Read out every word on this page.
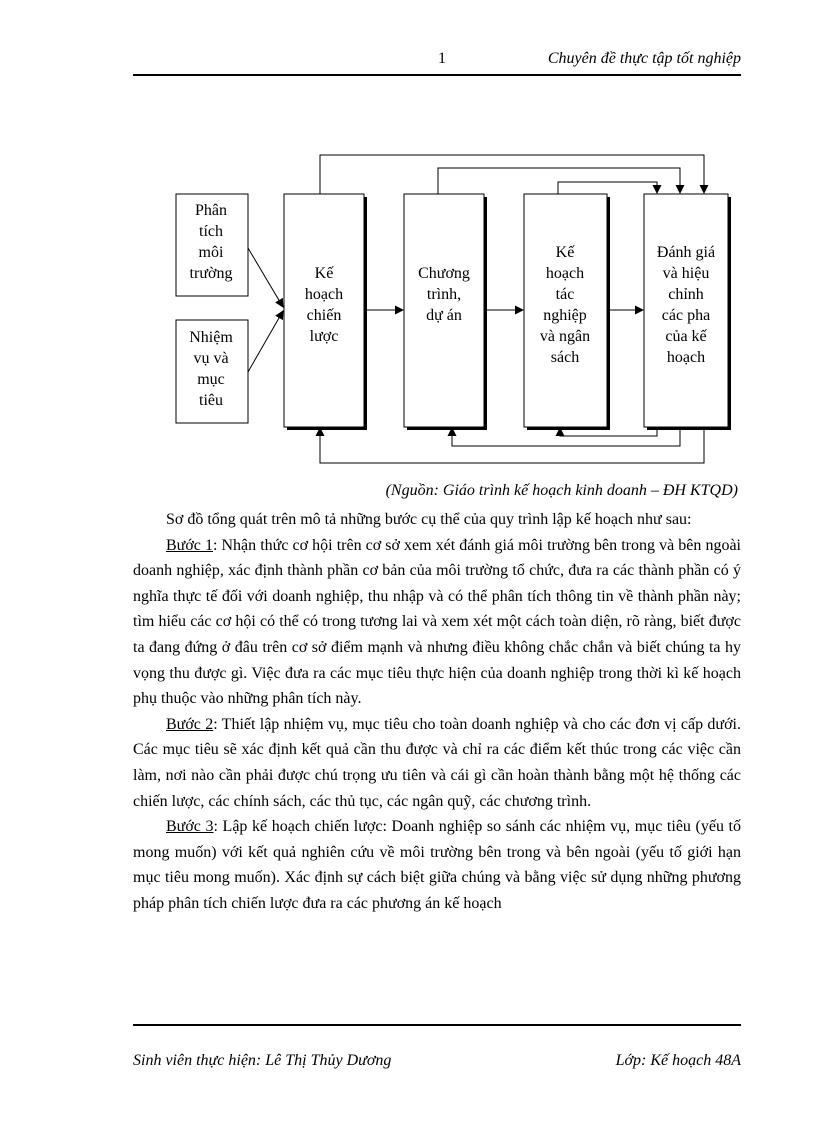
1	Chuyên đề thực tập tốt nghiệp
Phân tích môi trường
Nhiệm vụ và mục tiêu
Kế hoạch chiến lược
Chương trình, dự án
Kế hoạch tác nghiệp và ngân sách
Đánh giá và hiệu chỉnh các pha của kế hoạch
(Nguồn: Giáo trình kế hoạch kinh doanh – ĐH KTQD)

Sơ đồ tổng quát trên mô tả những bước cụ thể của quy trình lập kế hoạch như sau:

Bước 1: Nhận thức cơ hội trên cơ sở xem xét đánh giá môi trường bên trong và bên ngoài doanh nghiệp, xác định thành phần cơ bản của môi trường tổ chức, đưa ra các thành phần có ý nghĩa thực tế đối với doanh nghiệp, thu nhập và có thể phân tích thông tin về thành phần này; tìm hiểu các cơ hội có thể có trong tương lai và xem xét một cách toàn diện, rõ ràng, biết được ta đang đứng ở đâu trên cơ sở điểm mạnh và nhưng điều không chắc chắn và biết chúng ta hy vọng thu được gì. Việc đưa ra các mục tiêu thực hiện của doanh nghiệp trong thời kì kế hoạch phụ thuộc vào những phân tích này.

Bước 2: Thiết lập nhiệm vụ, mục tiêu cho toàn doanh nghiệp và cho các đơn vị cấp dưới. Các mục tiêu sẽ xác định kết quả cần thu được và chỉ ra các điểm kết thúc trong các việc cần làm, nơi nào cần phải được chú trọng ưu tiên và cái gì cần hoàn thành bằng một hệ thống các chiến lược, các chính sách, các thủ tục, các ngân quỹ, các chương trình.

Bước 3: Lập kế hoạch chiến lược: Doanh nghiệp so sánh các nhiệm vụ, mục tiêu (yếu tố mong muốn) với kết quả nghiên cứu về môi trường bên trong và bên ngoài (yếu tố giới hạn mục tiêu mong muốn). Xác định sự cách biệt giữa chúng và bằng việc sử dụng những phương pháp phân tích chiến lược đưa ra các phương án kế hoạch

Sinh viên thực hiện: Lê Thị Thủy Dương	Lớp: Kế hoạch 48A
